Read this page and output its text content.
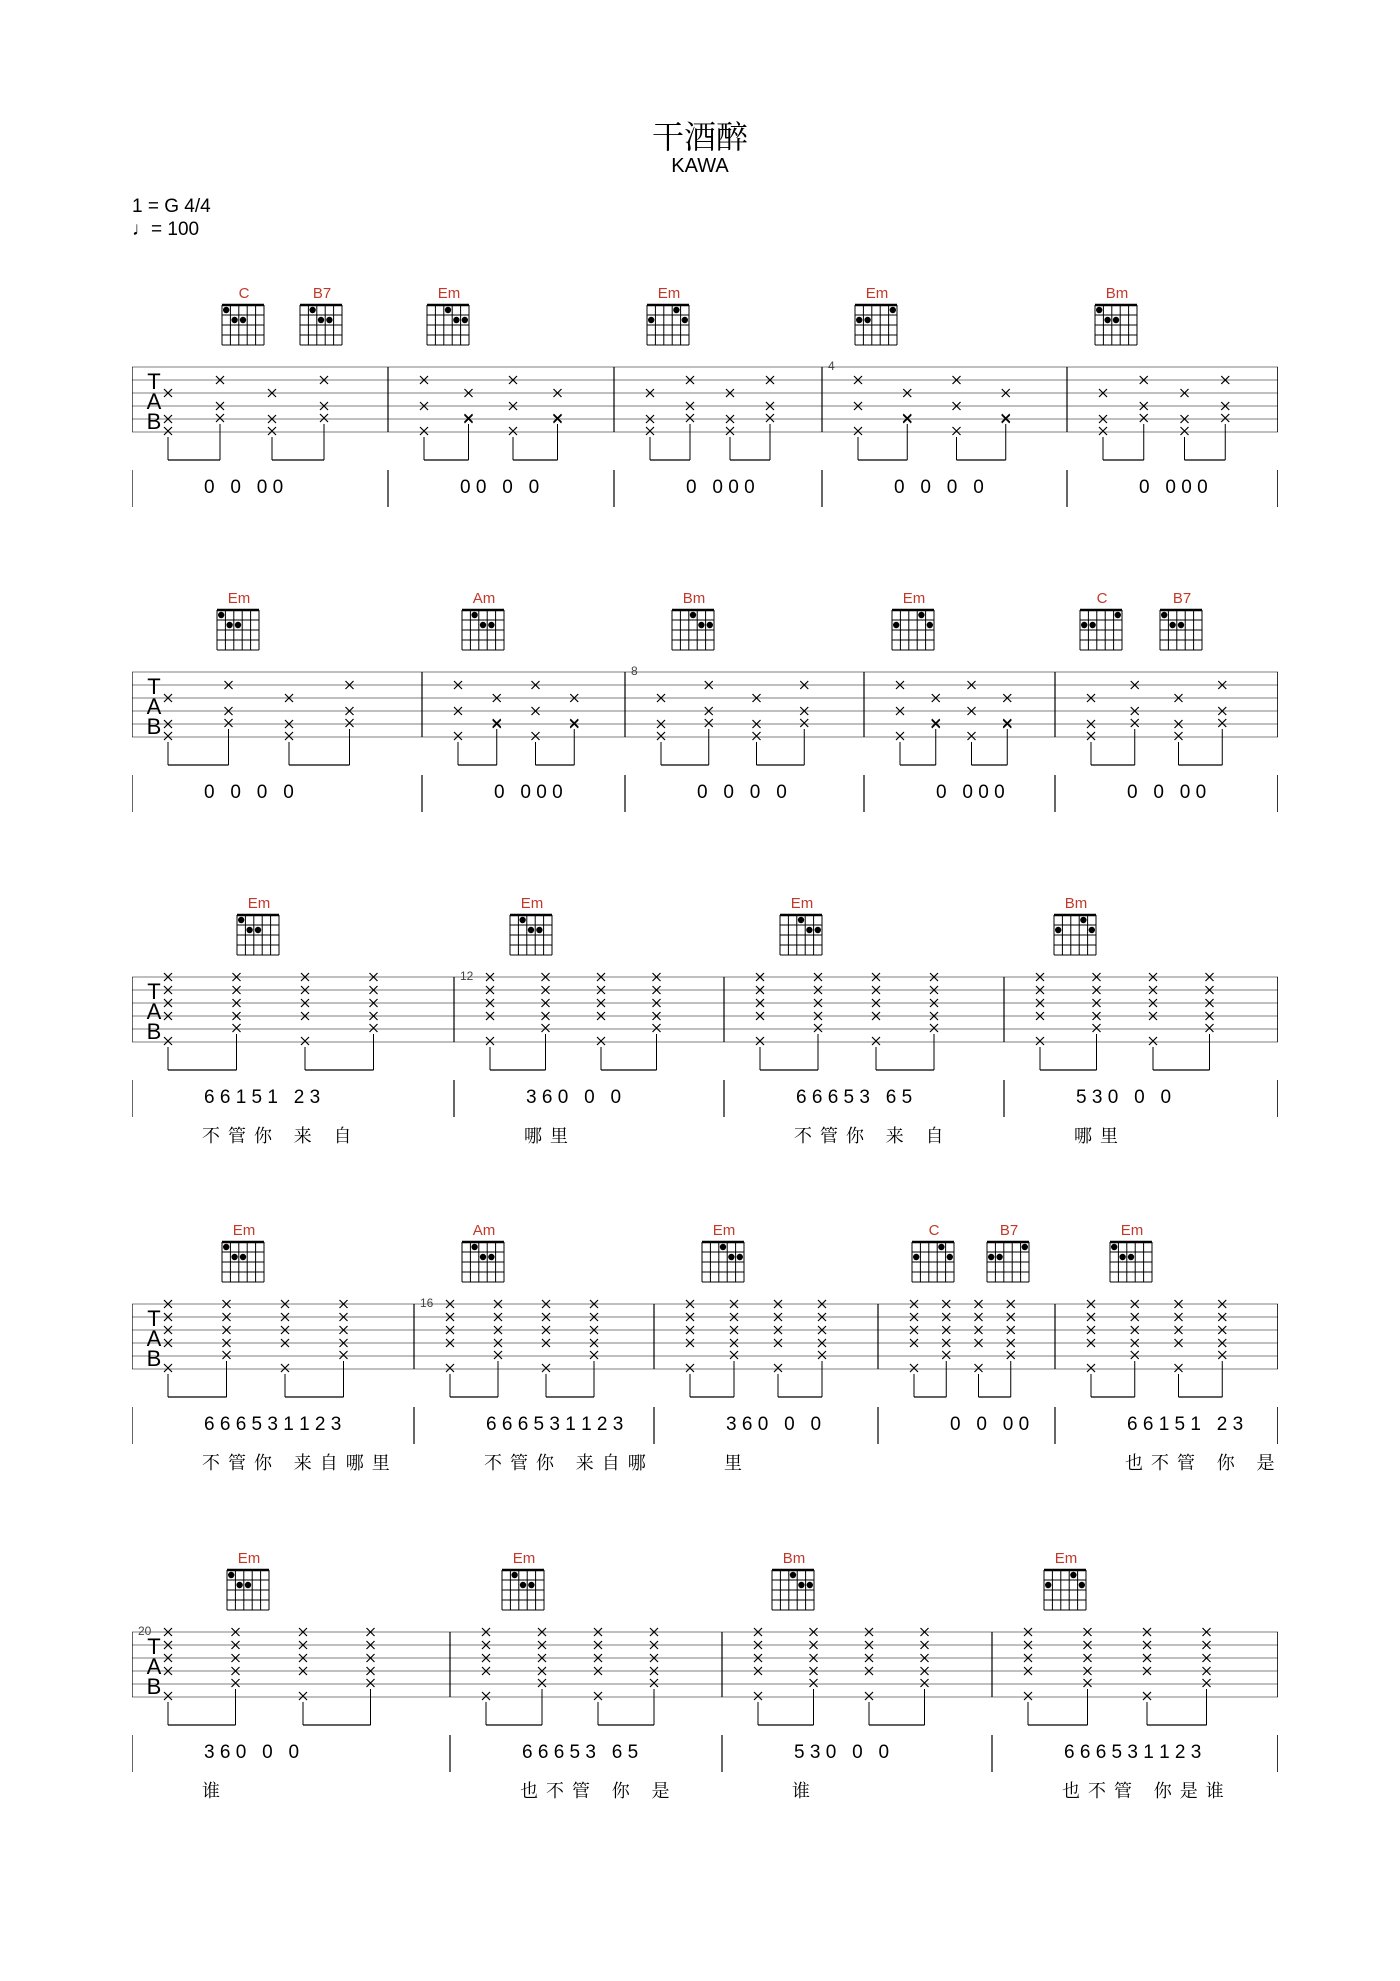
干酒醉
KAWA
1 = G 4/4
♩= 100
T
A
B
C	B7	Em	Em	Em	Bm
4
0   0   0 0	0 0   0   0	0   0 0 0	0   0   0   0	0   0 0 0
T
A
B
Em	Am	Bm	Em	C	B7
8
0   0   0   0	0   0 0 0	0   0   0   0	0   0 0 0	0   0   0 0
T
A
B
Em	Em	Em	Bm
12
6 6 1 5 1   2 3	3 6 0   0   0	6 6 6 5 3   6 5	5 3 0   0   0
不管你 来 自	哪里	不管你 来 自	哪里
T
A
B
Em	Am	Em	C	B7	Em
16
6 6 6 5 3 1 1 2 3	6 6 6 5 3 1 1 2 3	3 6 0   0   0	0   0   0 0	6 6 1 5 1   2 3
不管你 来自哪里	不管你 来自哪	里	也不管 你 是
T
A
B
Em	Em	Bm	Em
20
3 6 0   0   0	6 6 6 5 3   6 5	5 3 0   0   0	6 6 6 5 3 1 1 2 3
谁	也不管 你 是	谁	也不管 你是谁
